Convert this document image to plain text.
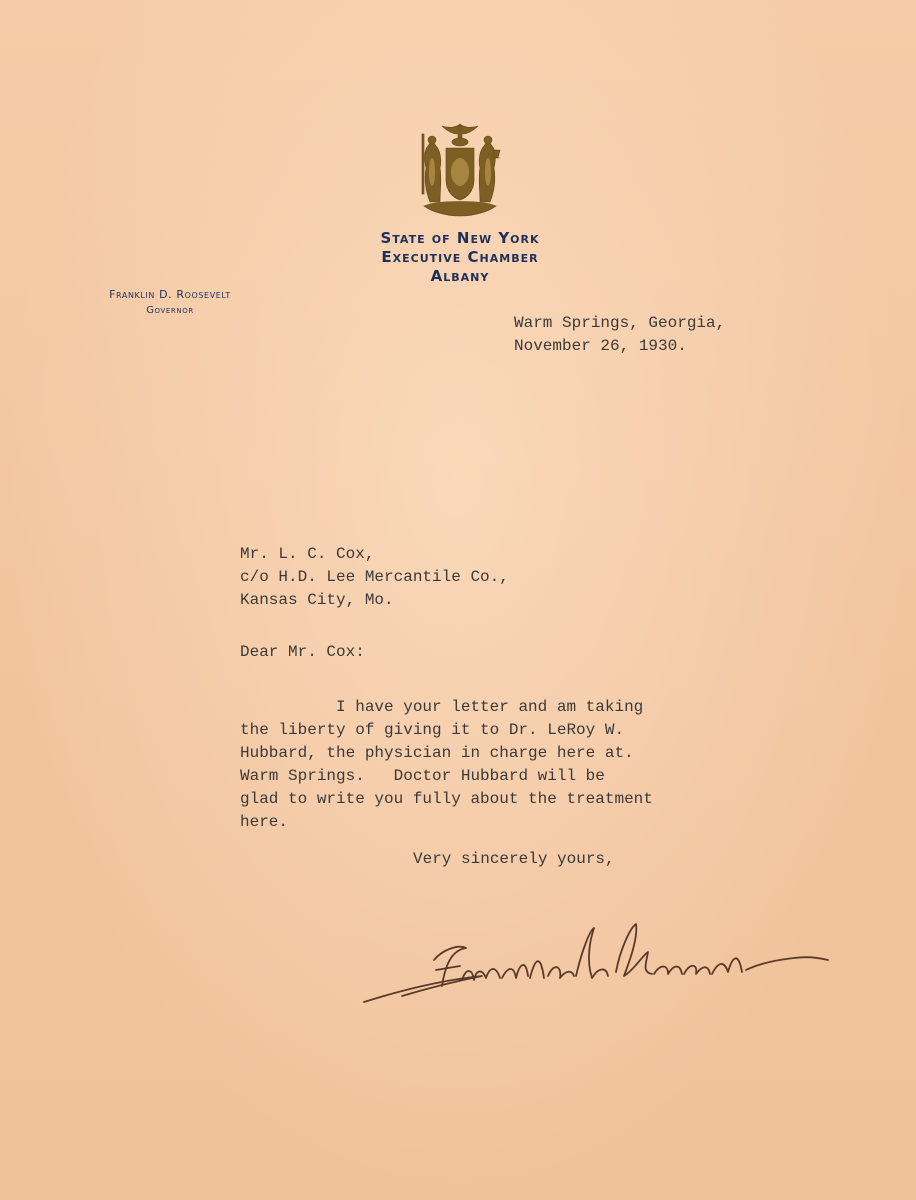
State of New York
Executive Chamber
Albany
Franklin D. Roosevelt
Governor
Warm Springs, Georgia,
November 26, 1930.
Mr. L. C. Cox,
c/o H.D. Lee Mercantile Co.,
Kansas City, Mo.
Dear Mr. Cox:
I have your letter and am taking
the liberty of giving it to Dr. LeRoy W.
Hubbard, the physician in charge here at.
Warm Springs.   Doctor Hubbard will be
glad to write you fully about the treatment
here.
Very sincerely yours,
